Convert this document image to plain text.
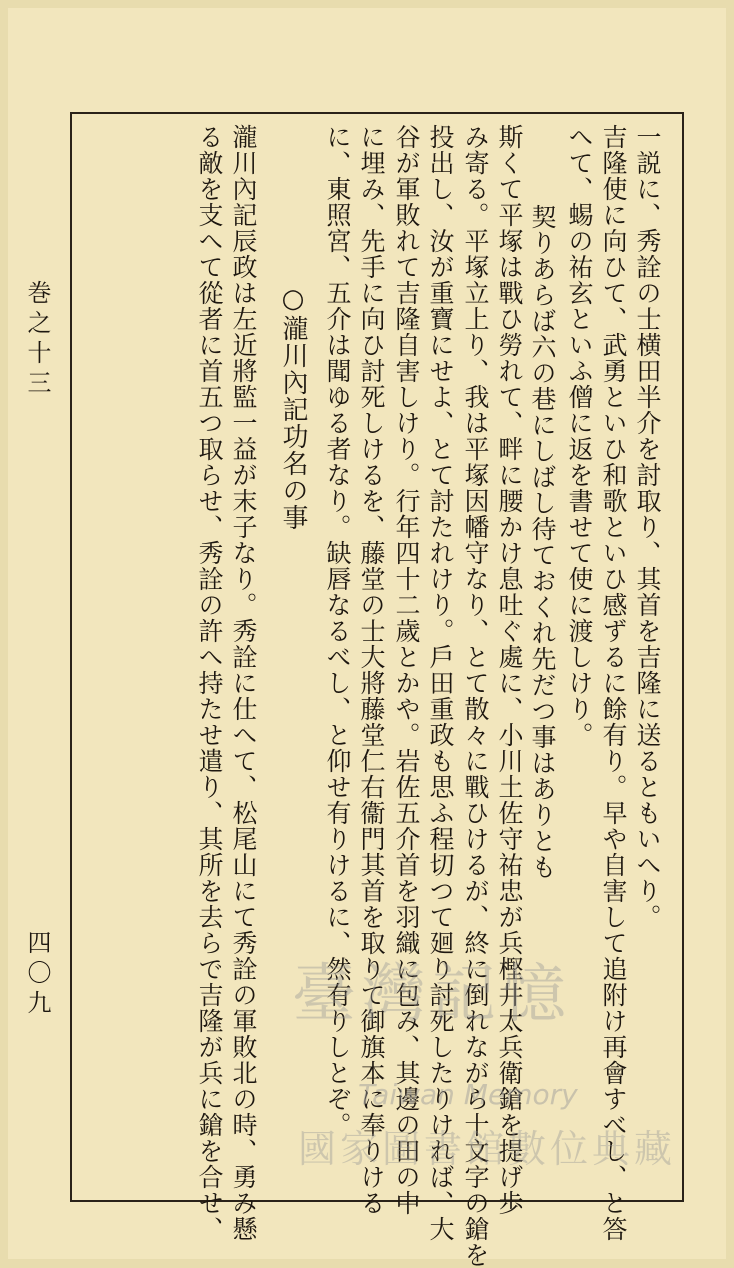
一説に、秀詮の士横田半介を討取り、其首を吉隆に送るともいへり。
吉隆使に向ひて、武勇といひ和歌といひ感ずるに餘有り。早や自害して追附け再會すべし、と答
へて、蜴の祐玄といふ僧に返を書せて使に渡しけり。
契りあらば六の巷にしばし待ておくれ先だつ事はありとも
斯くて平塚は戰ひ勞れて、畔に腰かけ息吐ぐ處に、小川土佐守祐忠が兵樫井太兵衛鎗を提げ歩
み寄る。平塚立上り、我は平塚因幡守なり、とて散々に戰ひけるが、終に倒れながら十文字の鎗を
投出し、汝が重寶にせよ、とて討たれけり。戶田重政も思ふ程切つて廻り討死したりければ、大
谷が軍敗れて吉隆自害しけり。行年四十二歲とかや。岩佐五介首を羽織に包み、其邊の田の中
に埋み、先手に向ひ討死しけるを、藤堂の士大將藤堂仁右衞門其首を取りて御旗本に奉りける
に、東照宮、五介は聞ゆる者なり。缺唇なるべし、と仰せ有りけるに、然有りしとぞ。
○瀧川內記功名の事
瀧川內記辰政は左近將監一益が末子なり。秀詮に仕へて、松尾山にて秀詮の軍敗北の時、勇み懸
る敵を支へて從者に首五つ取らせ、秀詮の許へ持たせ遣り、其所を去らで吉隆が兵に鎗を合せ、
巻之十三
四〇九	臺灣記憶
Taiwan Memory
國家圖書館數位典藏
